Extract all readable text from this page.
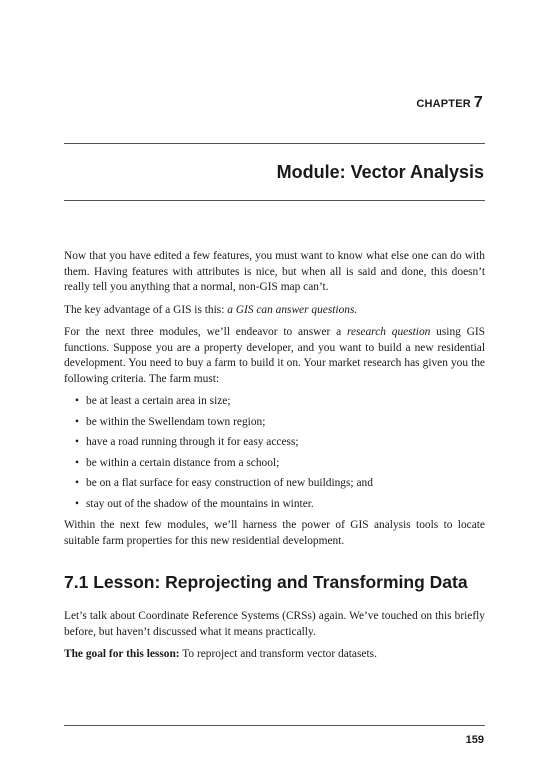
CHAPTER 7
Module: Vector Analysis

Now that you have edited a few features, you must want to know what else one can do with them. Having features with attributes is nice, but when all is said and done, this doesn’t really tell you anything that a normal, non-GIS map can’t.

The key advantage of a GIS is this: a GIS can answer questions.

For the next three modules, we’ll endeavor to answer a research question using GIS functions. Suppose you are a property developer, and you want to build a new residential development. You need to buy a farm to build it on. Your market research has given you the following criteria. The farm must:

• be at least a certain area in size;
• be within the Swellendam town region;
• have a road running through it for easy access;
• be within a certain distance from a school;
• be on a flat surface for easy construction of new buildings; and
• stay out of the shadow of the mountains in winter.

Within the next few modules, we’ll harness the power of GIS analysis tools to locate suitable farm properties for this new residential development.

7.1 Lesson: Reprojecting and Transforming Data

Let’s talk about Coordinate Reference Systems (CRSs) again. We’ve touched on this briefly before, but haven’t discussed what it means practically.

The goal for this lesson: To reproject and transform vector datasets.

159
